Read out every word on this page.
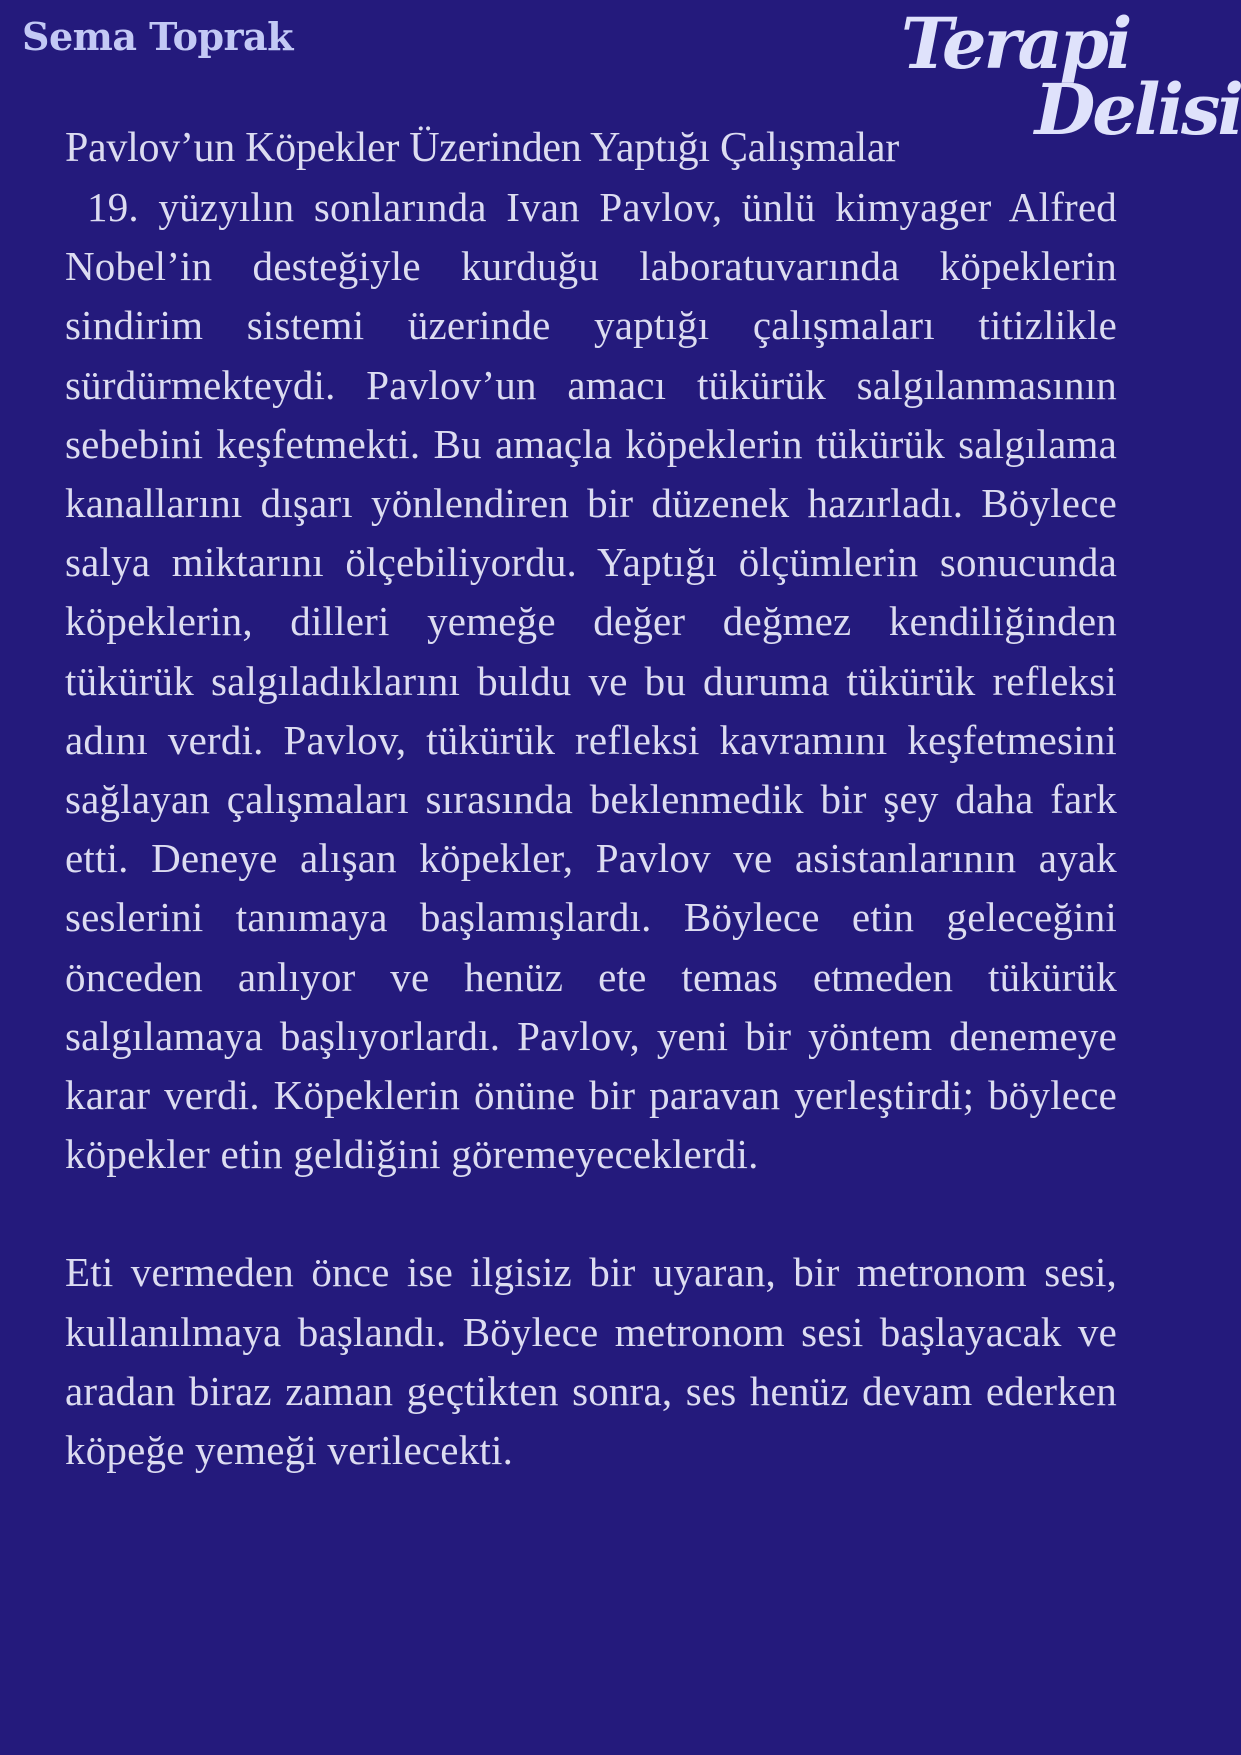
Sema Toprak	Terapi
Delisi
Pavlov’un Köpekler Üzerinden Yaptığı Çalışmalar

19. yüzyılın sonlarında Ivan Pavlov, ünlü kimyager Alfred Nobel’in desteğiyle kurduğu laboratuvarında köpeklerin sindirim sistemi üzerinde yaptığı çalışmaları titizlikle sürdürmekteydi. Pavlov’un amacı tükürük salgılanmasının sebebini keşfetmekti. Bu amaçla köpeklerin tükürük salgılama kanallarını dışarı yönlendiren bir düzenek hazırladı. Böylece salya miktarını ölçebiliyordu. Yaptığı ölçümlerin sonucunda köpeklerin, dilleri yemeğe değer değmez kendiliğinden tükürük salgıladıklarını buldu ve bu duruma tükürük refleksi adını verdi. Pavlov, tükürük refleksi kavramını keşfetmesini sağlayan çalışmaları sırasında beklenmedik bir şey daha fark etti. Deneye alışan köpekler, Pavlov ve asistanlarının ayak seslerini tanımaya başlamışlardı. Böylece etin geleceğini önceden anlıyor ve henüz ete temas etmeden tükürük salgılamaya başlıyorlardı. Pavlov, yeni bir yöntem denemeye karar verdi. Köpeklerin önüne bir paravan yerleştirdi; böylece köpekler etin geldiğini göremeyeceklerdi.

Eti vermeden önce ise ilgisiz bir uyaran, bir metronom sesi, kullanılmaya başlandı. Böylece metronom sesi başlayacak ve aradan biraz zaman geçtikten sonra, ses henüz devam ederken köpeğe yemeği verilecekti.
